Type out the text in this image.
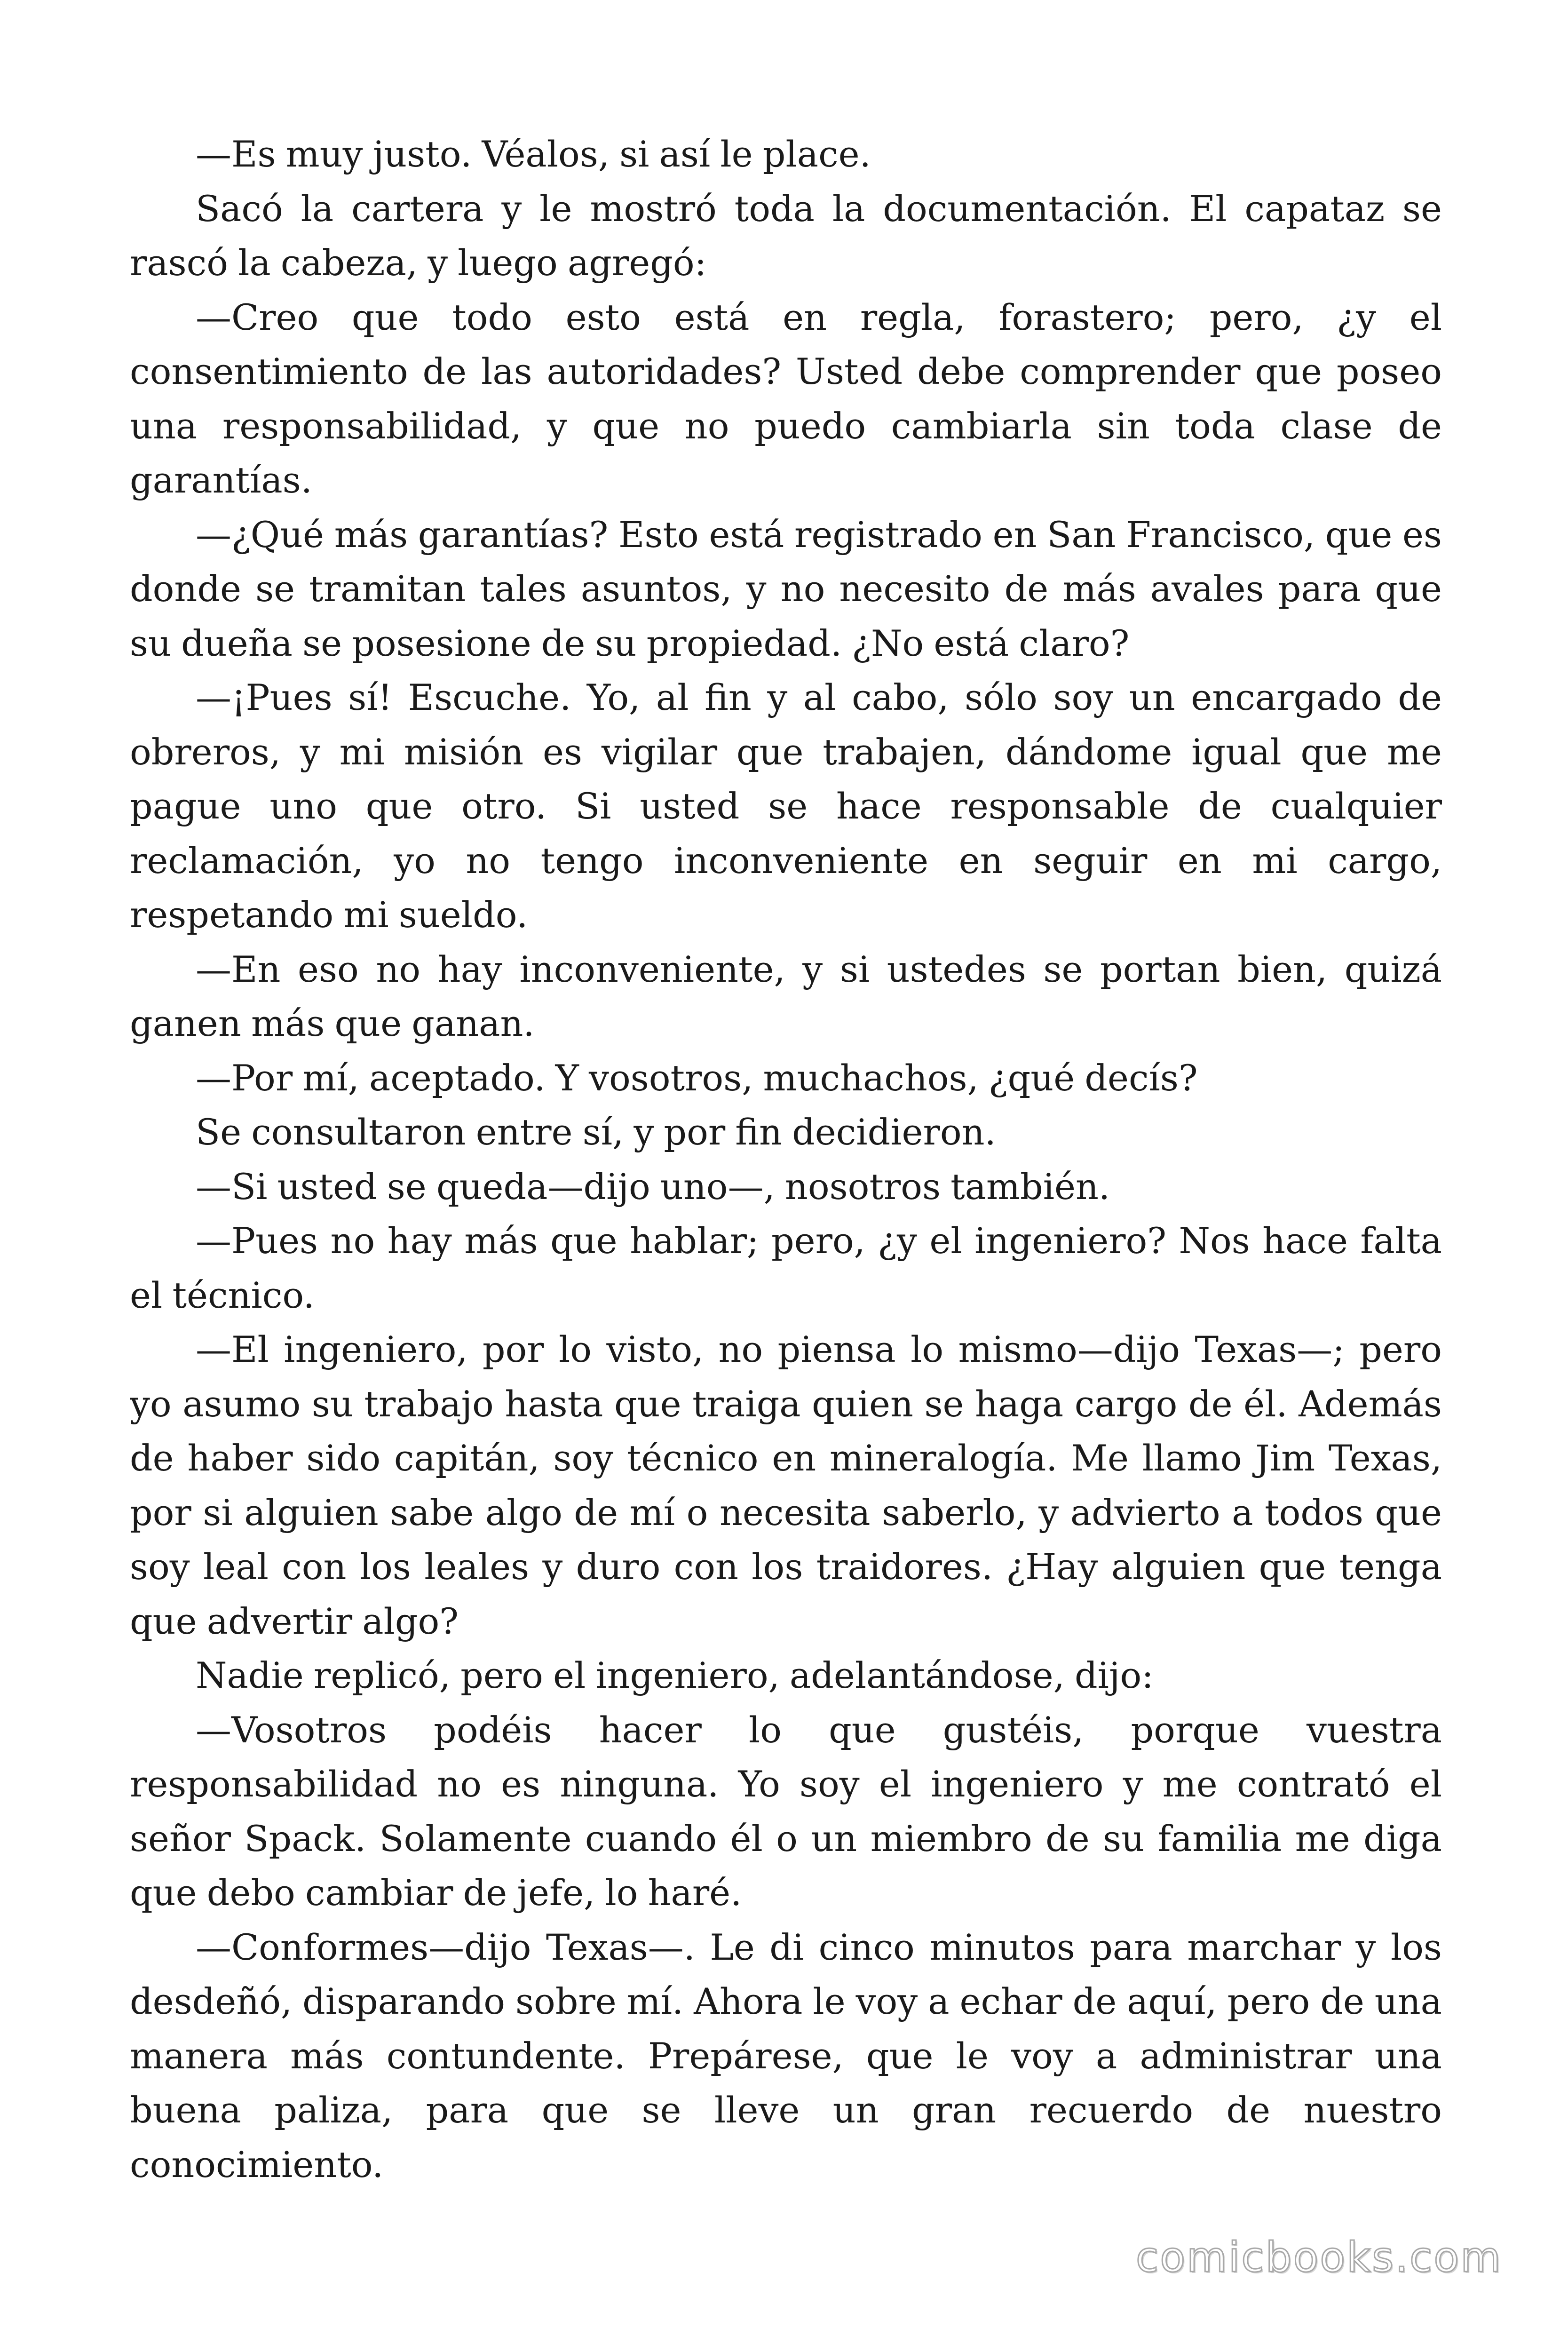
—Es muy justo. Véalos, si así le place.

Sacó la cartera y le mostró toda la documentación. El capataz se rascó la cabeza, y luego agregó:

—Creo que todo esto está en regla, forastero; pero, ¿y el consentimiento de las autoridades? Usted debe comprender que poseo una responsabilidad, y que no puedo cambiarla sin toda clase de garantías.

—¿Qué más garantías? Esto está registrado en San Francisco, que es donde se tramitan tales asuntos, y no necesito de más avales para que su dueña se posesione de su propiedad. ¿No está claro?

—¡Pues sí! Escuche. Yo, al fin y al cabo, sólo soy un encargado de obreros, y mi misión es vigilar que trabajen, dándome igual que me pague uno que otro. Si usted se hace responsable de cualquier reclamación, yo no tengo inconveniente en seguir en mi cargo, respetando mi sueldo.

—En eso no hay inconveniente, y si ustedes se portan bien, quizá ganen más que ganan.

—Por mí, aceptado. Y vosotros, muchachos, ¿qué decís?

Se consultaron entre sí, y por fin decidieron.

—Si usted se queda—dijo uno—, nosotros también.

—Pues no hay más que hablar; pero, ¿y el ingeniero? Nos hace falta el técnico.

—El ingeniero, por lo visto, no piensa lo mismo—dijo Texas—; pero yo asumo su trabajo hasta que traiga quien se haga cargo de él. Además de haber sido capitán, soy técnico en mineralogía. Me llamo Jim Texas, por si alguien sabe algo de mí o necesita saberlo, y advierto a todos que soy leal con los leales y duro con los traidores. ¿Hay alguien que tenga que advertir algo?

Nadie replicó, pero el ingeniero, adelantándose, dijo:

—Vosotros podéis hacer lo que gustéis, porque vuestra responsabilidad no es ninguna. Yo soy el ingeniero y me contrató el señor Spack. Solamente cuando él o un miembro de su familia me diga que debo cambiar de jefe, lo haré.

—Conformes—dijo Texas—. Le di cinco minutos para marchar y los desdeñó, disparando sobre mí. Ahora le voy a echar de aquí, pero de una manera más contundente. Prepárese, que le voy a administrar una buena paliza, para que se lleve un gran recuerdo de nuestro conocimiento.

comicbooks.com
